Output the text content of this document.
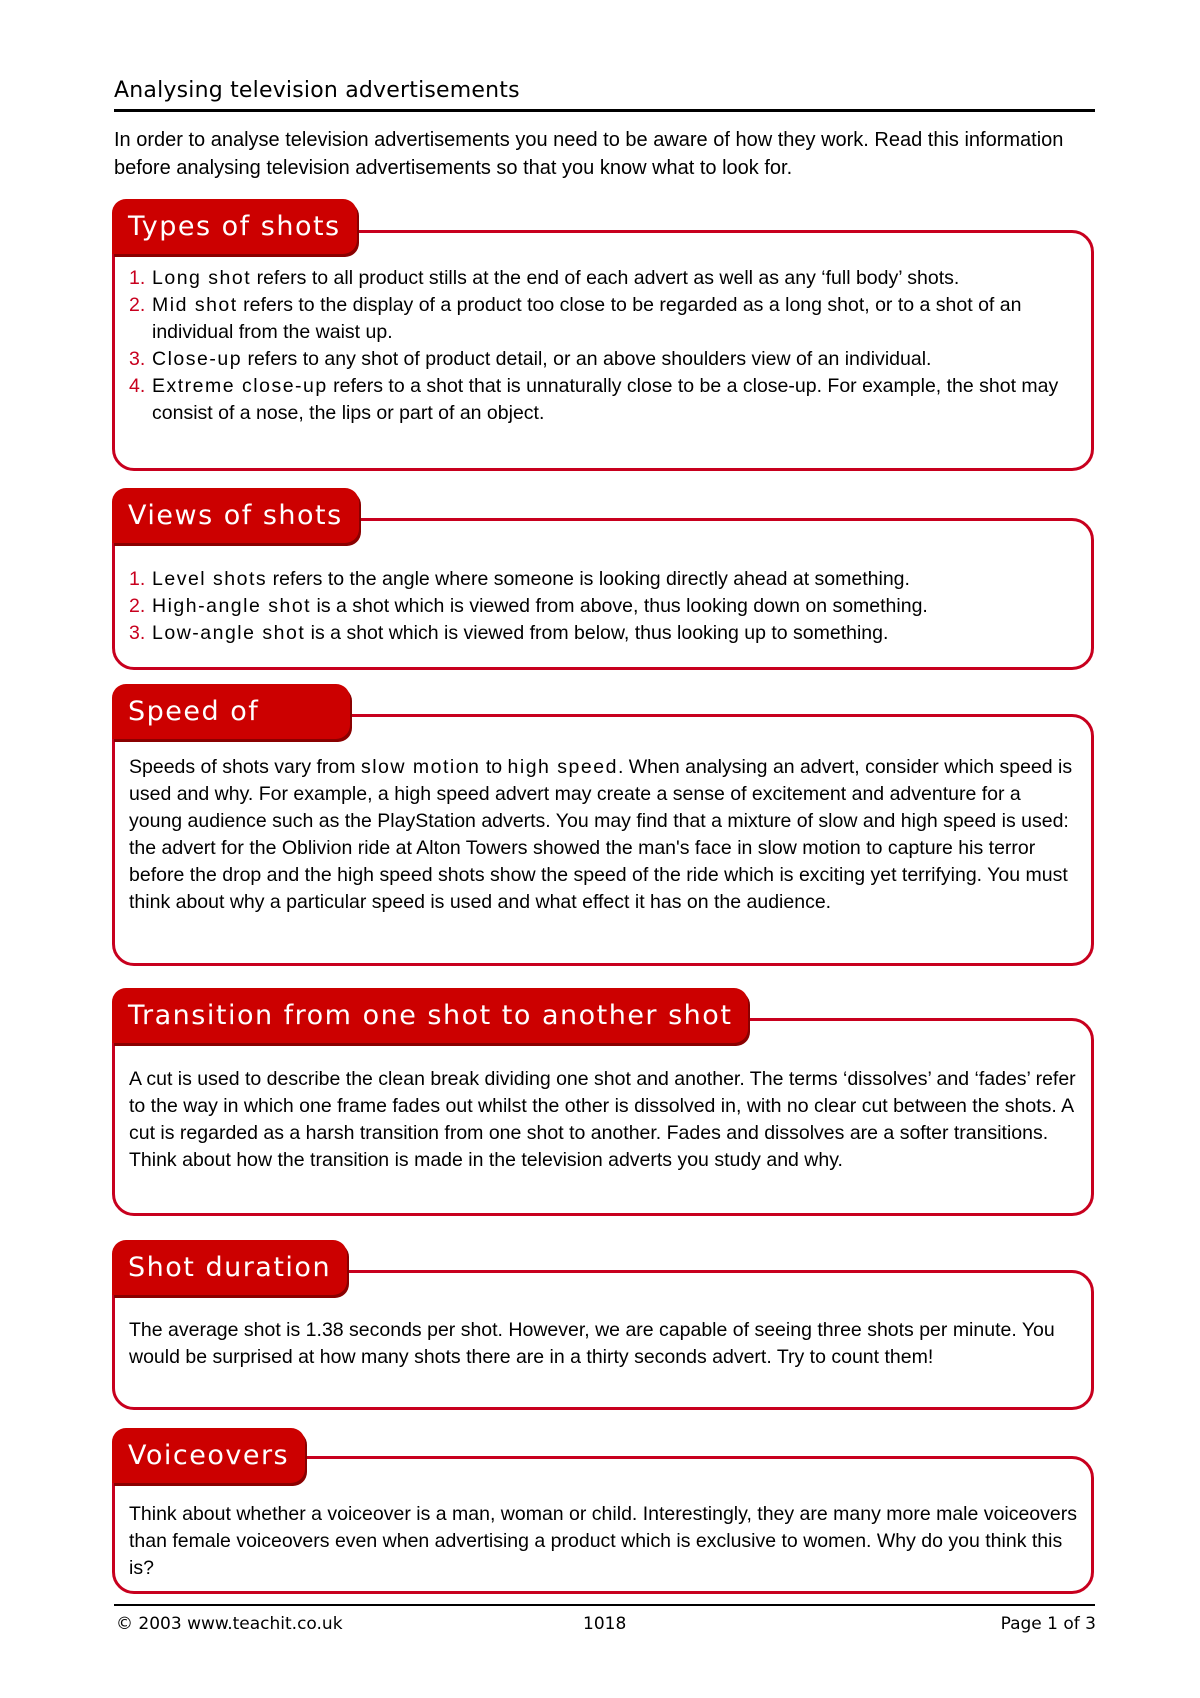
Analysing television advertisements
In order to analyse television advertisements you need to be aware of how they work. Read this information before analysing television advertisements so that you know what to look for.
1. Long shot refers to all product stills at the end of each advert as well as any ‘full body’ shots.
2. Mid shot refers to the display of a product too close to be regarded as a long shot, or to a shot of an individual from the waist up.
3. Close-up refers to any shot of product detail, or an above shoulders view of an individual.
4. Extreme close-up refers to a shot that is unnaturally close to be a close-up. For example, the shot may consist of a nose, the lips or part of an object.
Types of shots
1. Level shots refers to the angle where someone is looking directly ahead at something.
2. High-angle shot is a shot which is viewed from above, thus looking down on something.
3. Low-angle shot is a shot which is viewed from below, thus looking up to something.
Views of shots

Speeds of shots vary from slow motion to high speed. When analysing an advert, consider which speed is used and why. For example, a high speed advert may create a sense of excitement and adventure for a young audience such as the PlayStation adverts. You may find that a mixture of slow and high speed is used: the advert for the Oblivion ride at Alton Towers showed the man's face in slow motion to capture his terror before the drop and the high speed shots show the speed of the ride which is exciting yet terrifying. You must think about why a particular speed is used and what effect it has on the audience.

Speed of

A cut is used to describe the clean break dividing one shot and another. The terms ‘dissolves’ and ‘fades’ refer to the way in which one frame fades out whilst the other is dissolved in, with no clear cut between the shots. A cut is regarded as a harsh transition from one shot to another. Fades and dissolves are a softer transitions. Think about how the transition is made in the television adverts you study and why.

Transition from one shot to another shot

The average shot is 1.38 seconds per shot. However, we are capable of seeing three shots per minute. You would be surprised at how many shots there are in a thirty seconds advert. Try to count them!

Shot duration

Think about whether a voiceover is a man, woman or child. Interestingly, they are many more male voiceovers than female voiceovers even when advertising a product which is exclusive to women. Why do you think this is?

Voiceovers
© 2003 www.teachit.co.uk	1018	Page 1 of 3
